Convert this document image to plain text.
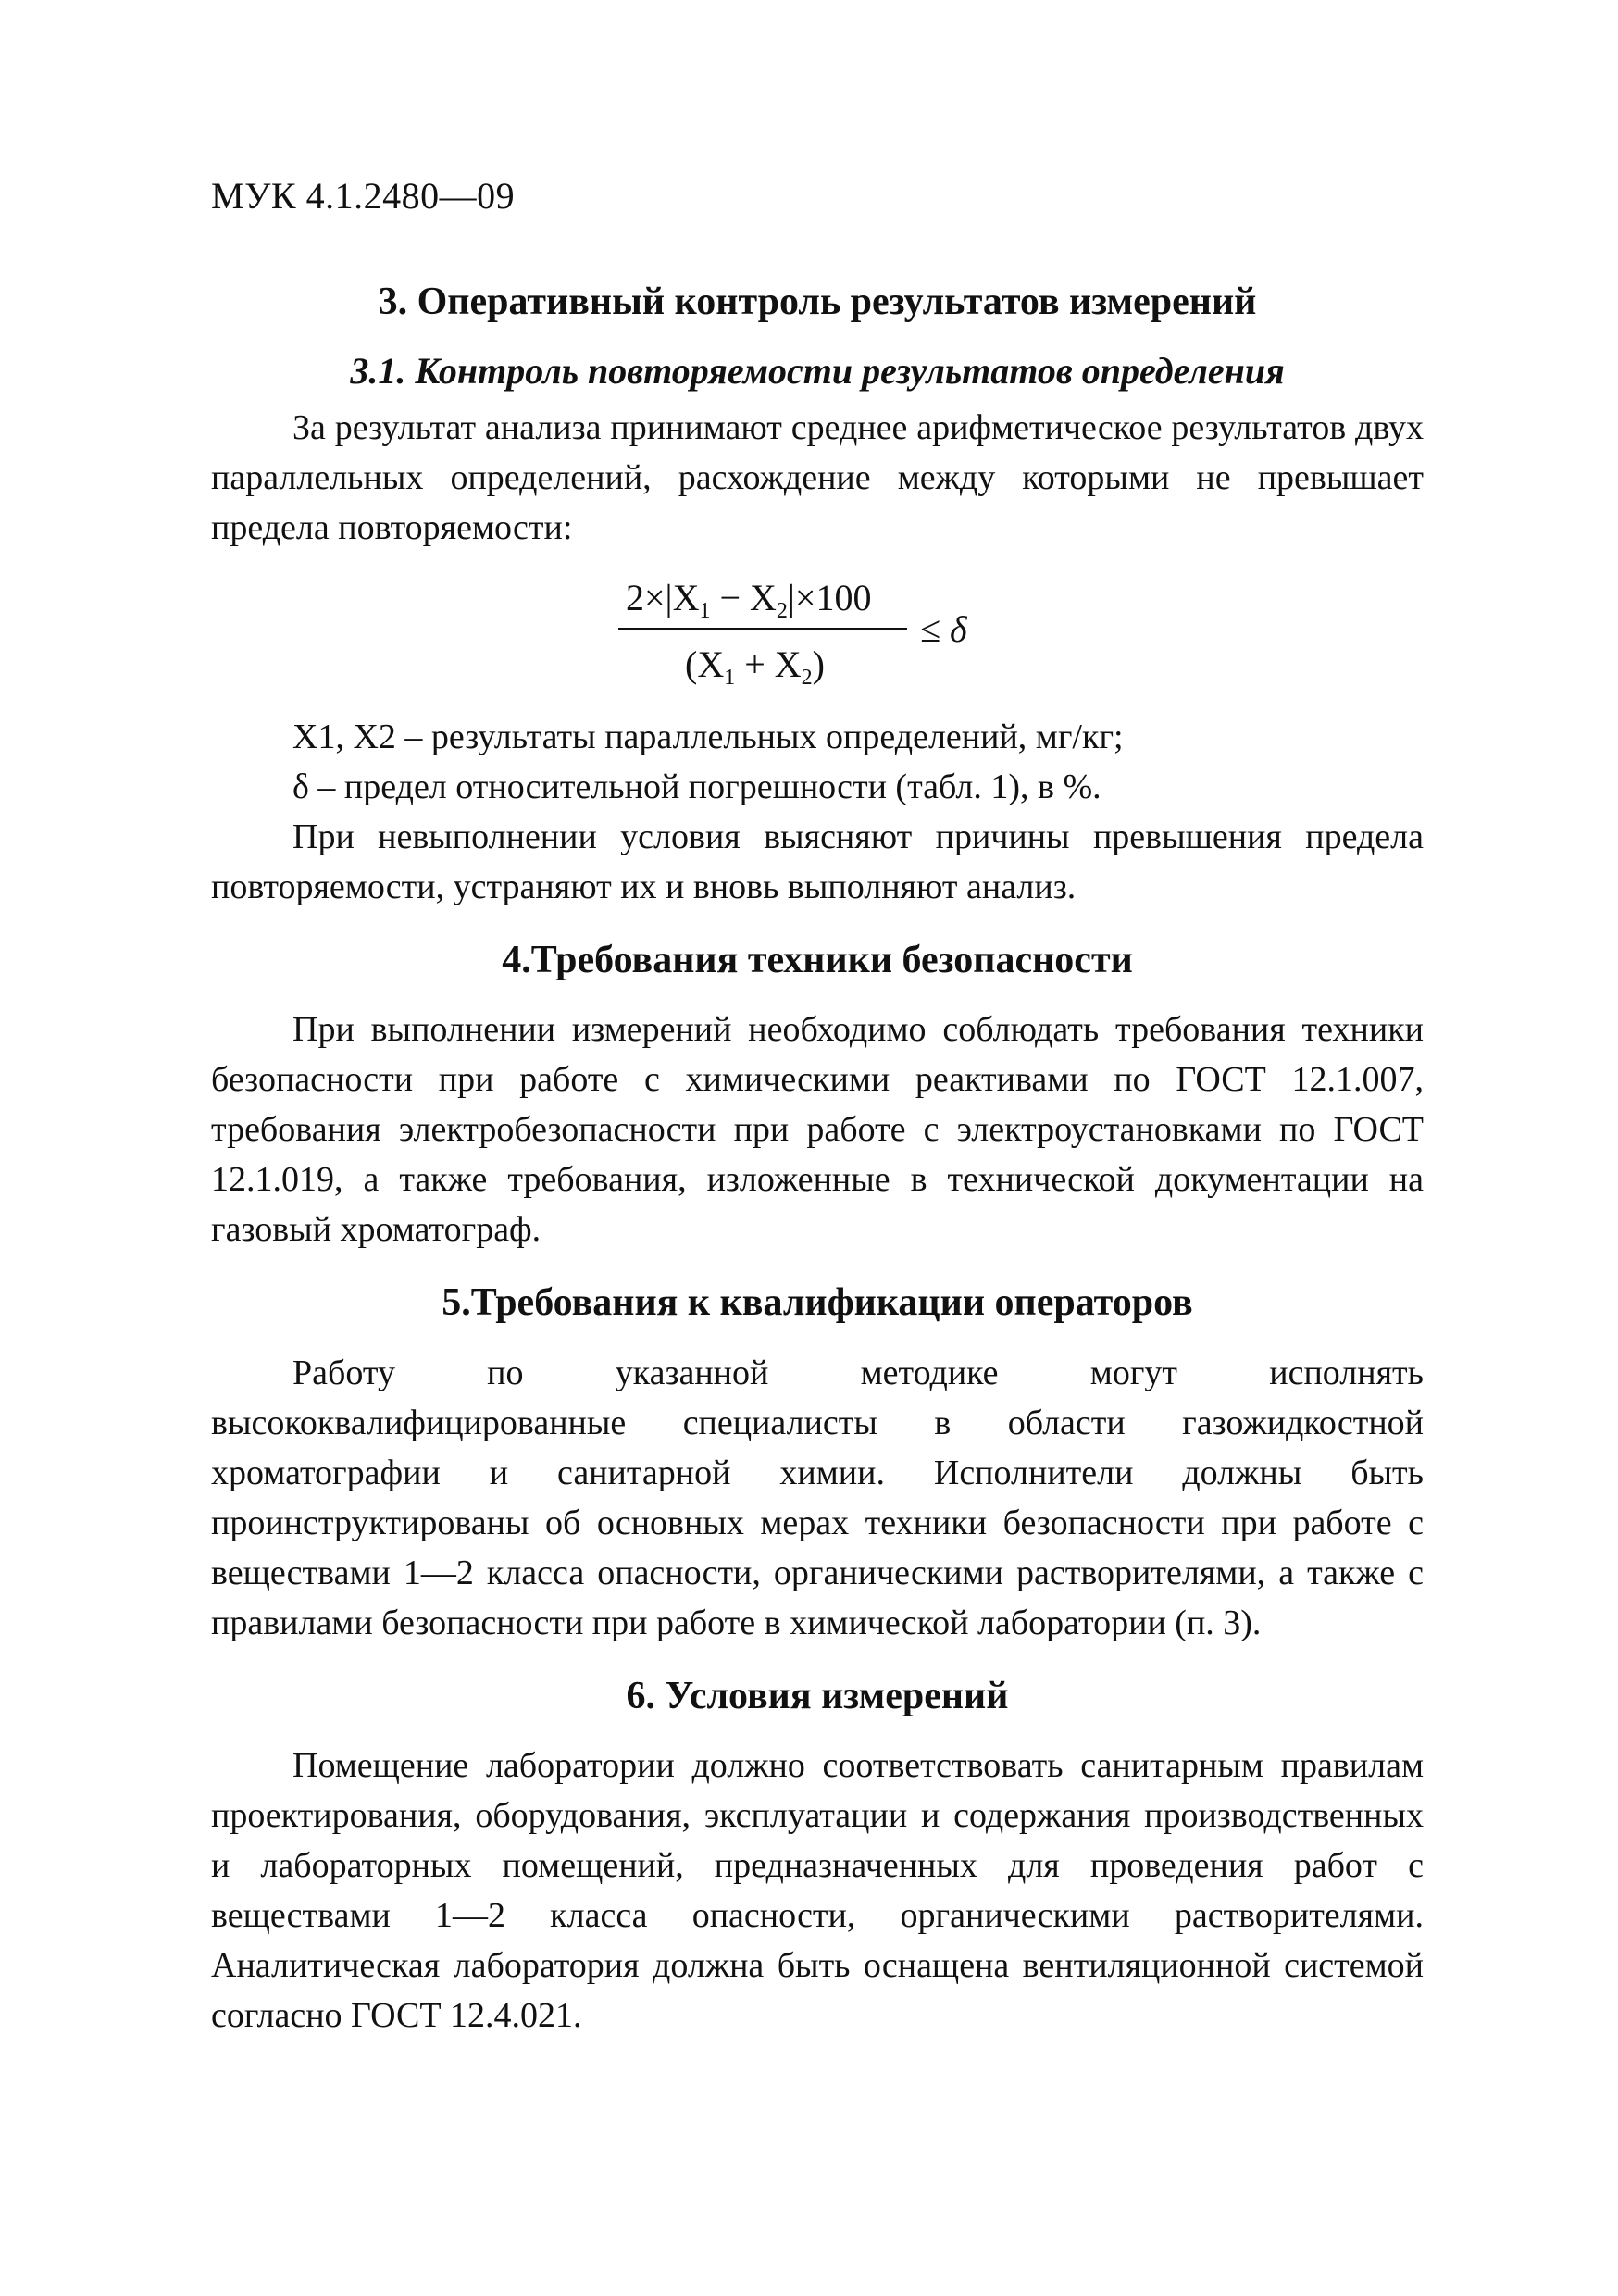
МУК 4.1.2480—09
3. Оперативный контроль результатов измерений
3.1. Контроль повторяемости результатов определения

За результат анализа принимают среднее арифметическое результатов двух параллельных определений, расхождение между которыми не превышает предела повторяемости:

$2\times|X_1 - X_2|\times 100$
$(X_1 + X_2)$
≤ δ

X1, X2 – результаты параллельных определений, мг/кг;

δ – предел относительной погрешности (табл. 1), в %.

При невыполнении условия выясняют причины превышения предела повторяемости, устраняют их и вновь выполняют анализ.

4.Требования техники безопасности

При выполнении измерений необходимо соблюдать требования техники безопасности при работе с химическими реактивами по ГОСТ 12.1.007, требования электробезопасности при работе с электроустановками по ГОСТ 12.1.019, а также требования, изложенные в технической документации на газовый хроматограф.

5.Требования к квалификации операторов

Работу по указанной методике могут исполнять высококвалифицированные специалисты в области газожидкостной хроматографии и санитарной химии. Исполнители должны быть проинструктированы об основных мерах техники безопасности при работе с веществами 1—2 класса опасности, органическими растворителями, а также с правилами безопасности при работе в химической лаборатории (п. 3).

6. Условия измерений

Помещение лаборатории должно соответствовать санитарным правилам проектирования, оборудования, эксплуатации и содержания производственных и лабораторных помещений, предназначенных для проведения работ с веществами 1—2 класса опасности, органическими растворителями. Аналитическая лаборатория должна быть оснащена вентиляционной системой согласно ГОСТ 12.4.021.
